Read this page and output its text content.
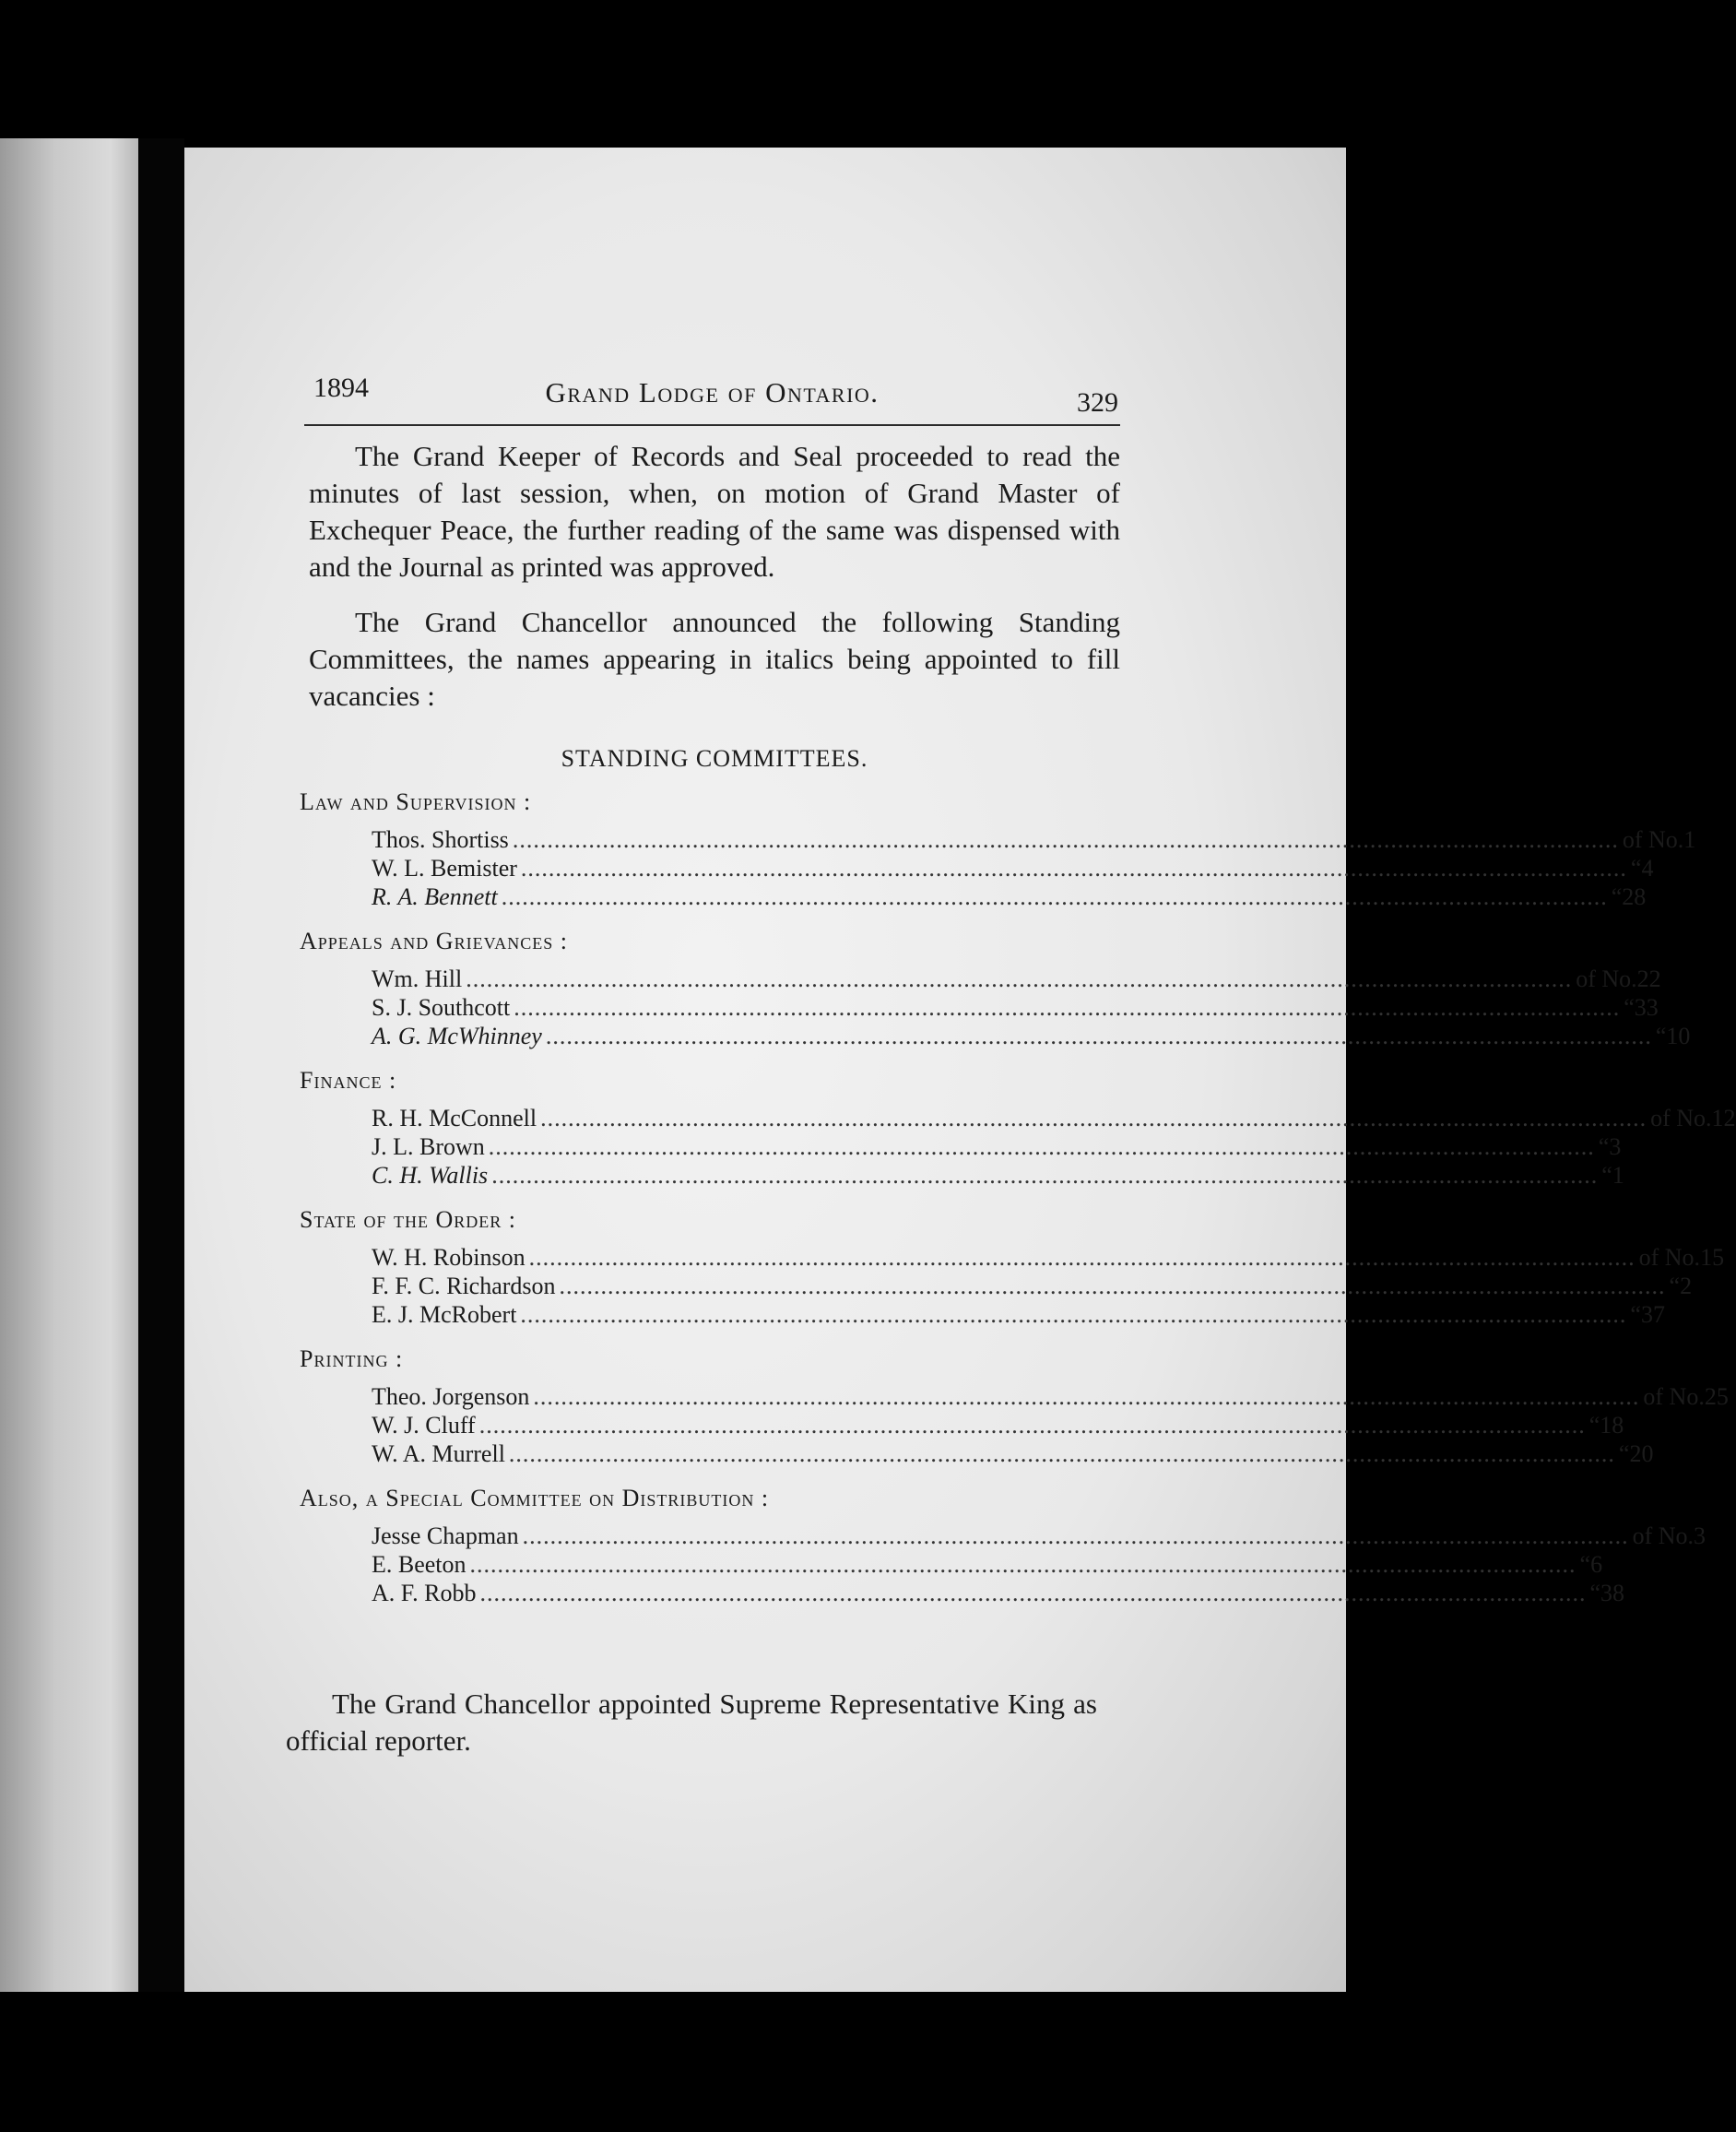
1894	Grand Lodge of Ontario.	329

The Grand Keeper of Records and Seal proceeded to read the minutes of last session, when, on motion of Grand Master of Exchequer Peace, the further reading of the same was dispensed with and the Journal as printed was approved.

The Grand Chancellor announced the following Standing Committees, the names appearing in italics being appointed to fill vacancies :

STANDING COMMITTEES.
Law and Supervision :
Thos. Shortiss ................................................................................................................................................................ of No. 1
W. L. Bemister ................................................................................................................................................................ “ 4
R. A. Bennett ................................................................................................................................................................ “ 28
Appeals and Grievances :
Wm. Hill ................................................................................................................................................................ of No. 22
S. J. Southcott ................................................................................................................................................................ “ 33
A. G. McWhinney ................................................................................................................................................................ “ 10
Finance :
R. H. McConnell ................................................................................................................................................................ of No. 12
J. L. Brown ................................................................................................................................................................ “ 3
C. H. Wallis ................................................................................................................................................................ “ 1
State of the Order :
W. H. Robinson ................................................................................................................................................................ of No. 15
F. F. C. Richardson ................................................................................................................................................................ “ 2
E. J. McRobert ................................................................................................................................................................ “ 37
Printing :
Theo. Jorgenson ................................................................................................................................................................ of No. 25
W. J. Cluff ................................................................................................................................................................ “ 18
W. A. Murrell ................................................................................................................................................................ “ 20
Also, a Special Committee on Distribution :
Jesse Chapman ................................................................................................................................................................ of No. 3
E. Beeton ................................................................................................................................................................ “ 6
A. F. Robb ................................................................................................................................................................ “ 38

The Grand Chancellor appointed Supreme Representative King as official reporter.
